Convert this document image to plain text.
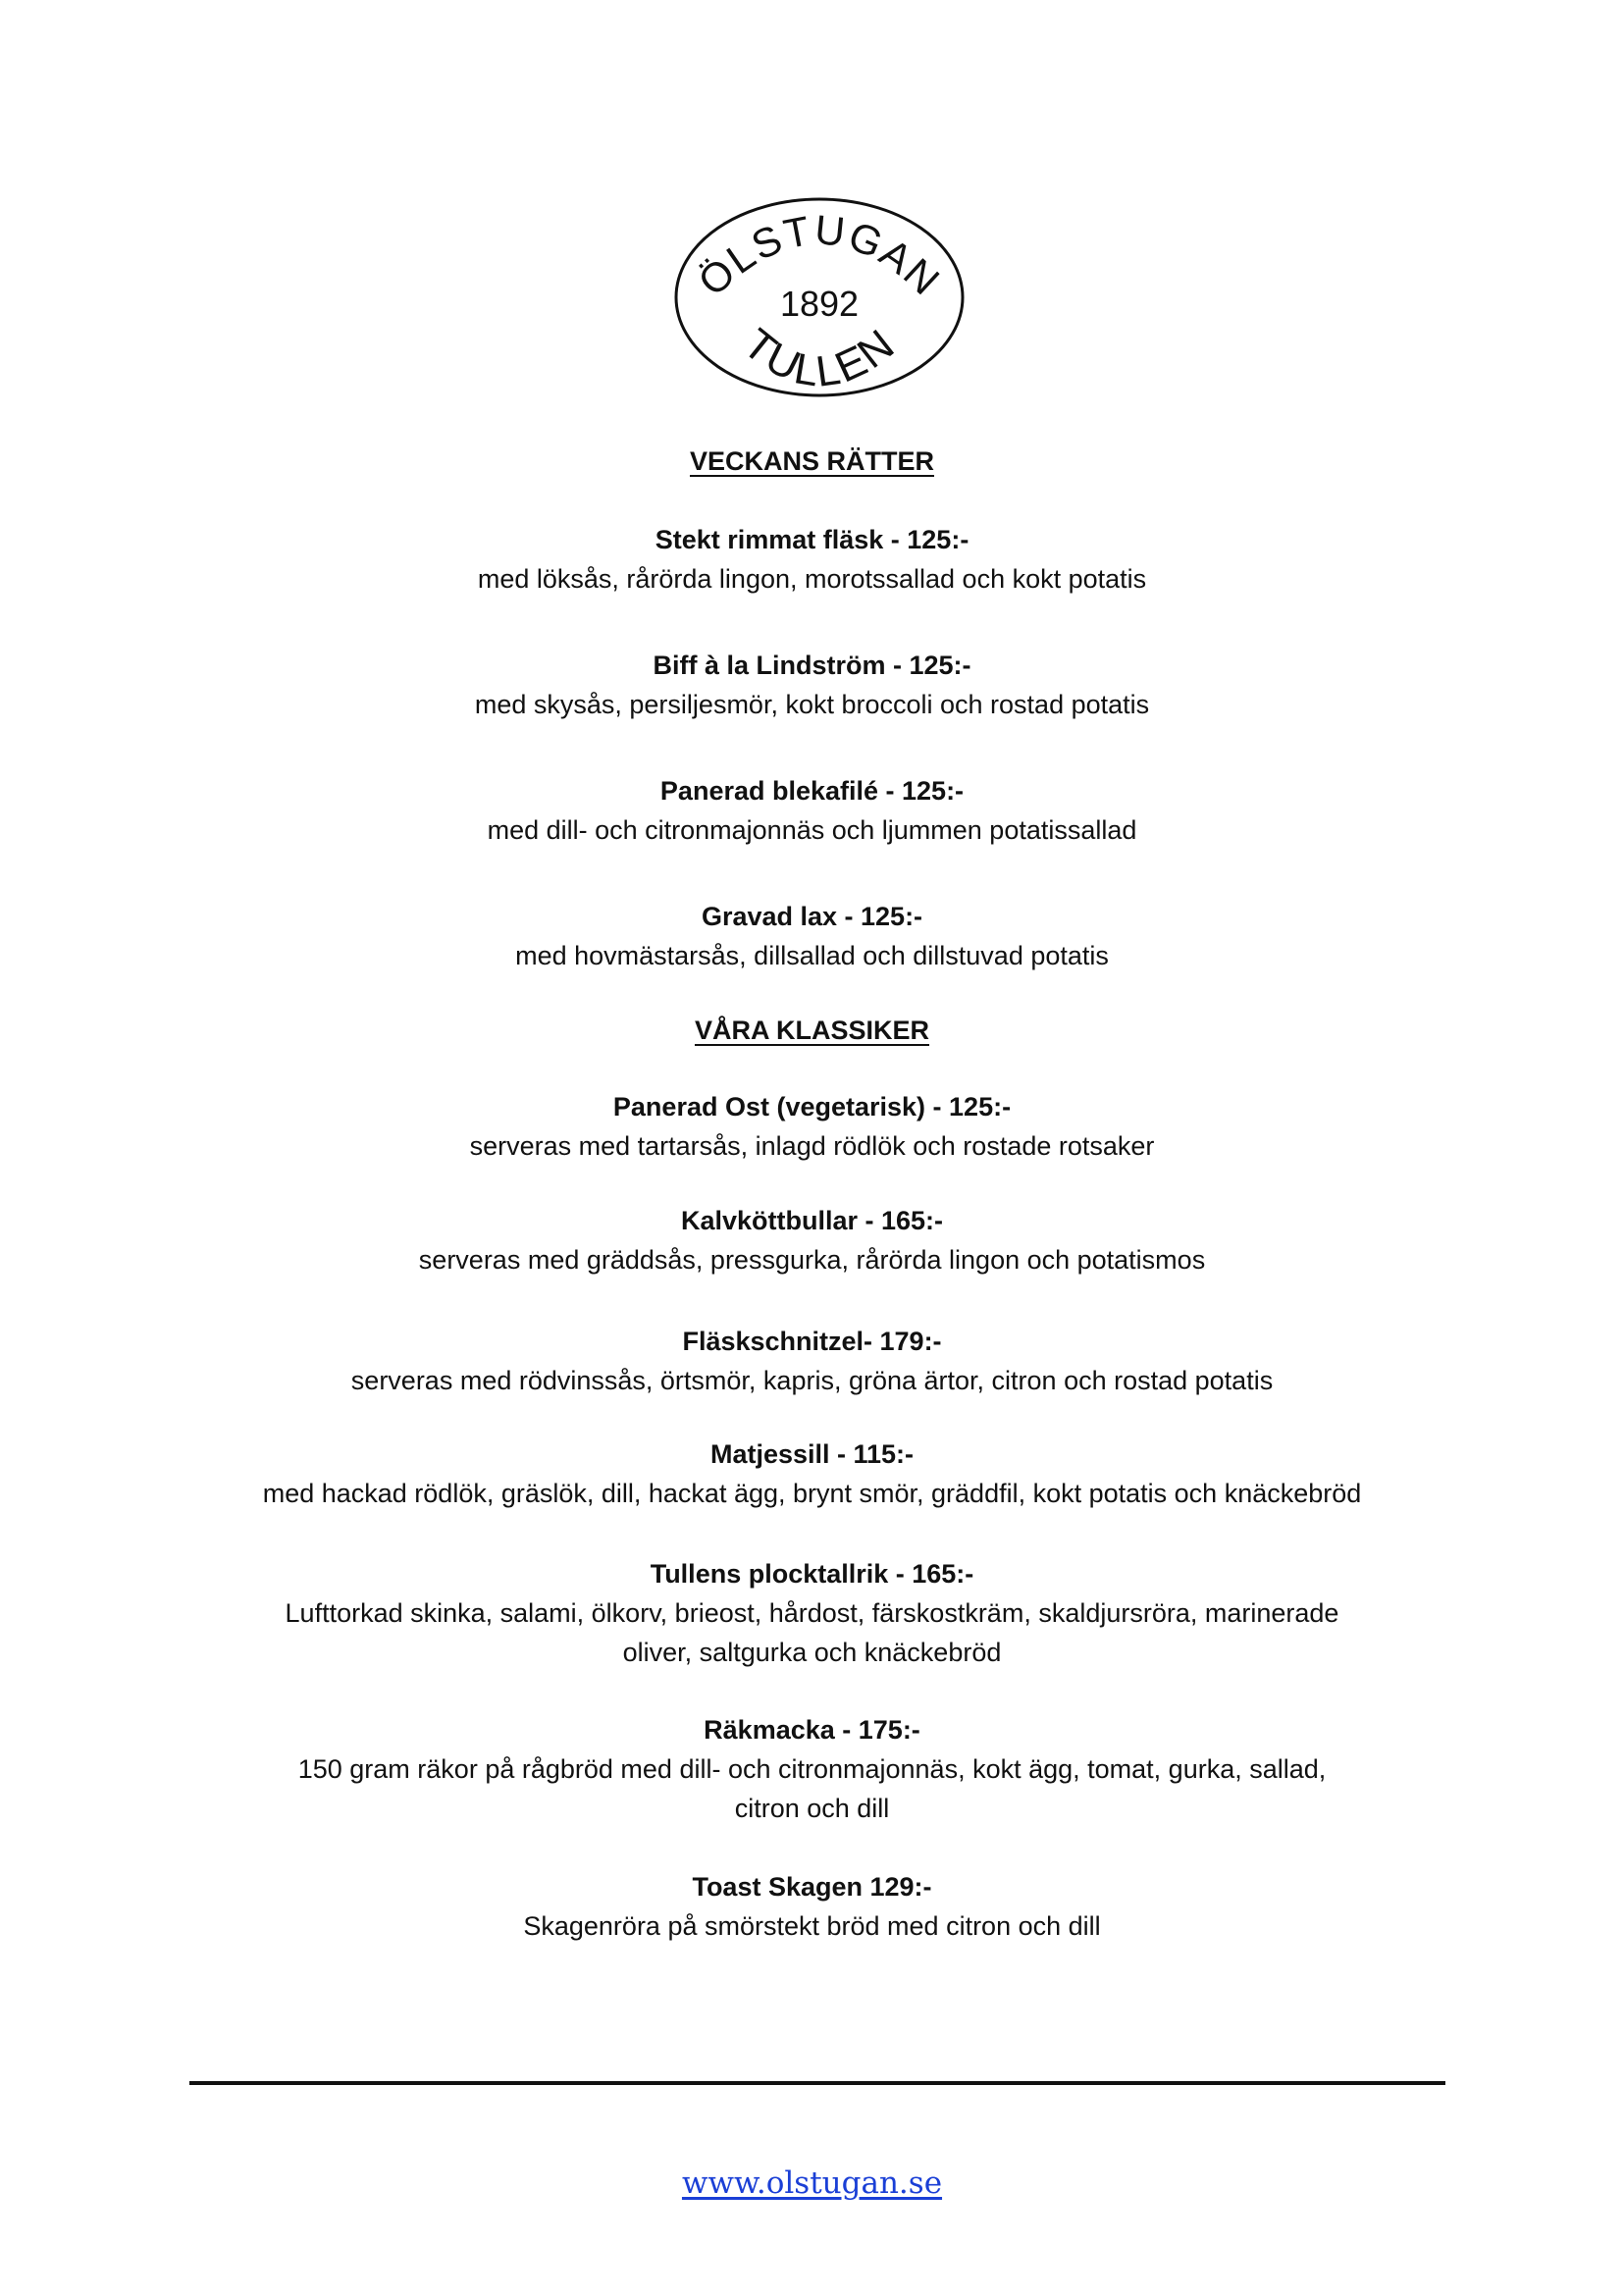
ÖLSTUGAN
1892
TULLEN
VECKANS RÄTTER
Stekt rimmat fläsk - 125:-
med löksås, rårörda lingon, morotssallad och kokt potatis
Biff à la Lindström - 125:-
med skysås, persiljesmör, kokt broccoli och rostad potatis
Panerad blekafilé - 125:-
med dill- och citronmajonnäs och ljummen potatissallad
Gravad lax - 125:-
med hovmästarsås, dillsallad och dillstuvad potatis
VÅRA KLASSIKER
Panerad Ost (vegetarisk) - 125:-
serveras med tartarsås, inlagd rödlök och rostade rotsaker
Kalvköttbullar - 165:-
serveras med gräddsås, pressgurka, rårörda lingon och potatismos
Fläskschnitzel- 179:-
serveras med rödvinssås, örtsmör, kapris, gröna ärtor, citron och rostad potatis
Matjessill - 115:-
med hackad rödlök, gräslök, dill, hackat ägg, brynt smör, gräddfil, kokt potatis och knäckebröd
Tullens plocktallrik - 165:-
Lufttorkad skinka, salami, ölkorv, brieost, hårdost, färskostkräm, skaldjursröra, marinerade
oliver, saltgurka och knäckebröd
Räkmacka - 175:-
150 gram räkor på rågbröd med dill- och citronmajonnäs, kokt ägg, tomat, gurka, sallad,
citron och dill
Toast Skagen 129:-
Skagenröra på smörstekt bröd med citron och dill
www.olstugan.se
